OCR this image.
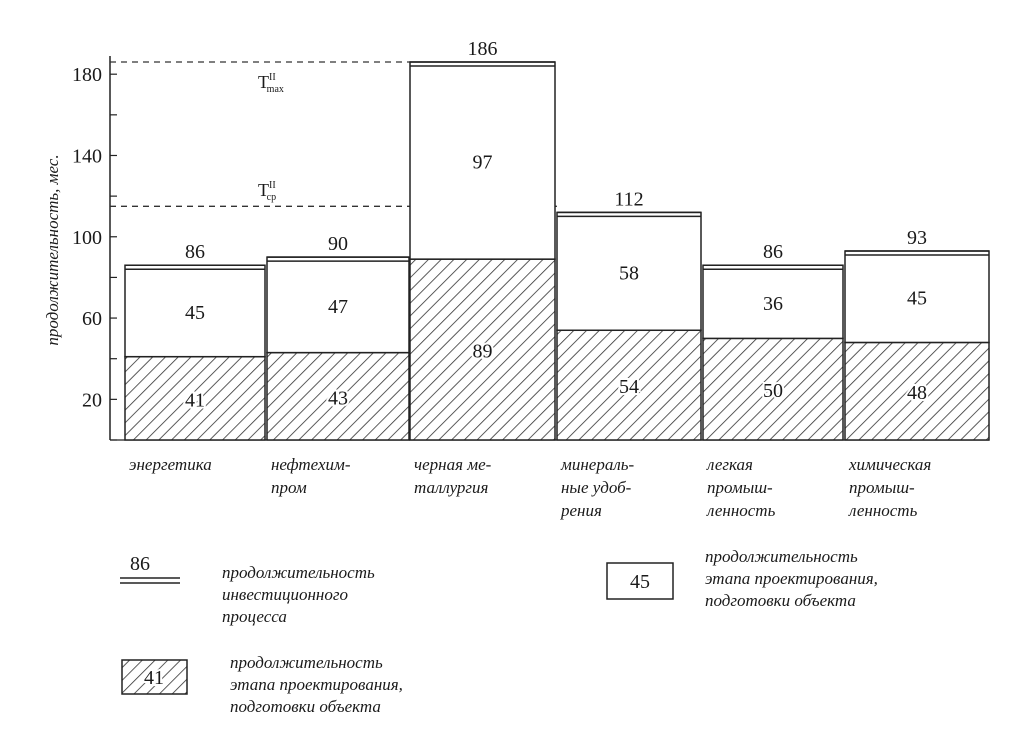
20
60
100
140
180
продолжительность, мес.
$T^{II}$ max
$T^{II}$ ср
86
45
41
90
47
43
186
97
89
112
58
54
86
36
50
93
45
48
энергетика	нефтехим-
пром
черная ме-
таллургия
минераль-
ные удоб-
рения
легкая
промыш-
ленность
химическая
промыш-
ленность
86	продолжительность
инвестиционного
процесса
41
продолжительность
этапа проектирования,
подготовки объекта
45
продолжительность
этапа проектирования,
подготовки объекта
